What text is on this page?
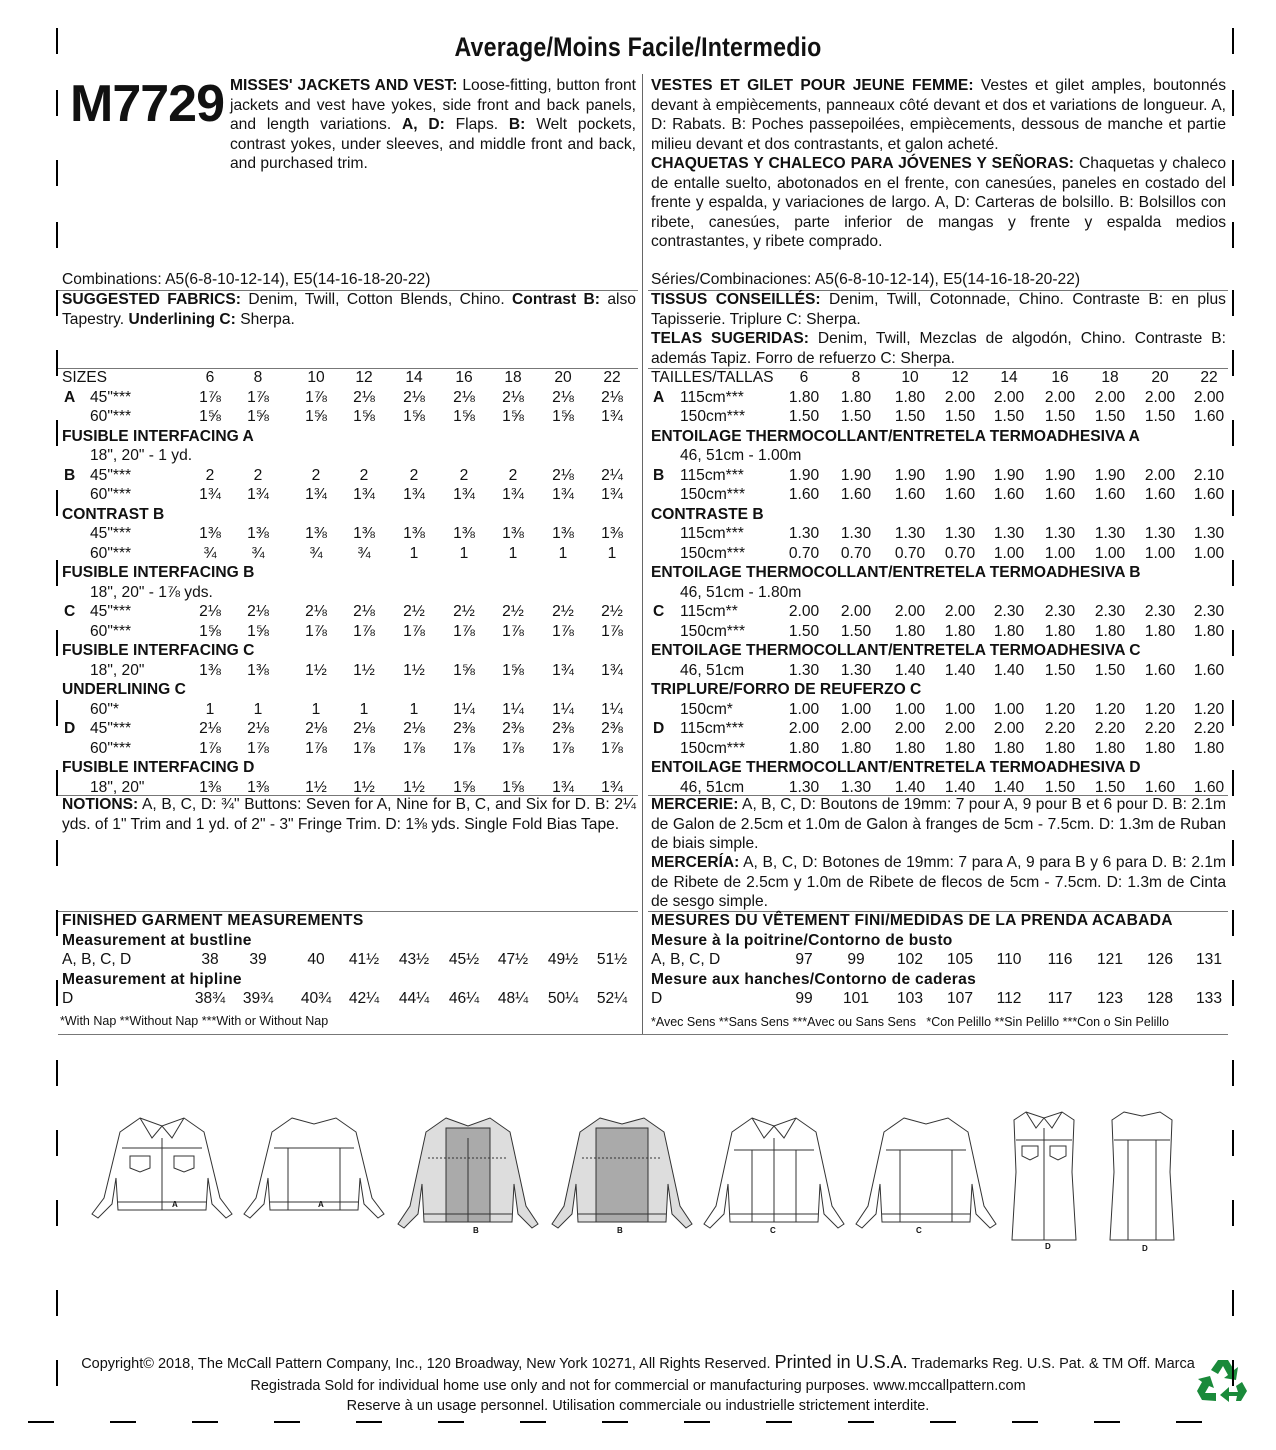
Average/Moins Facile/Intermedio
M7729 MISSES' JACKETS AND VEST: Loose-fitting, button front jackets and vest have yokes, side front and back panels, and length variations. A, D: Flaps. B: Welt pockets, contrast yokes, under sleeves, and middle front and back, and purchased trim.
VESTES ET GILET POUR JEUNE FEMME: Vestes et gilet amples, boutonnés devant à empiècements, panneaux côté devant et dos et variations de longueur. A, D: Rabats. B: Poches passepoilées, empiècements, dessous de manche et partie milieu devant et dos contrastants, et galon acheté.
CHAQUETAS Y CHALECO PARA JÓVENES Y SEÑORAS: Chaquetas y chaleco de entalle suelto, abotonados en el frente, con canesúes, paneles en costado del frente y espalda, y variaciones de largo. A, D: Carteras de bolsillo. B: Bolsillos con ribete, canesúes, parte inferior de mangas y frente y espalda medios contrastantes, y ribete comprado.
Combinations: A5(6-8-10-12-14), E5(14-16-18-20-22)
SUGGESTED FABRICS: Denim, Twill, Cotton Blends, Chino. Contrast B: also Tapestry. Underlining C: Sherpa.
Séries/Combinaciones: A5(6-8-10-12-14), E5(14-16-18-20-22)
TISSUS CONSEILLÉS: Denim, Twill, Cotonnade, Chino. Contraste B: en plus Tapisserie. Triplure C: Sherpa.
TELAS SUGERIDAS: Denim, Twill, Mezclas de algodón, Chino. Contraste B: además Tapiz. Forro de refuerzo C: Sherpa.
SIZES	6	8	10 12 14 16 18 20 22
A 45"***	1⅞ 1⅞ 1⅞ 2⅛ 2⅛ 2⅛ 2⅛ 2⅛ 2⅛
60"***	1⅝ 1⅝ 1⅝ 1⅝ 1⅝ 1⅝ 1⅝ 1⅝ 1¾
FUSIBLE INTERFACING A
18", 20" - 1 yd.
B 45"***	2	2	2	2	2	2	2 2⅛ 2¼
60"***	1¾ 1¾ 1¾ 1¾ 1¾ 1¾ 1¾ 1¾ 1¾
CONTRAST B
45"***	1⅜ 1⅜ 1⅜ 1⅜ 1⅜ 1⅜ 1⅜ 1⅜ 1⅜
60"***	¾ ¾	¾ ¾	1	1	1	1	1
FUSIBLE INTERFACING B
18", 20" - 1⅞ yds.
C 45"***	2⅛ 2⅛ 2⅛ 2⅛ 2½ 2½ 2½ 2½ 2½
60"***	1⅝ 1⅝ 1⅞ 1⅞ 1⅞ 1⅞ 1⅞ 1⅞ 1⅞
FUSIBLE INTERFACING C
18", 20"	1⅜ 1⅜ 1½ 1½ 1½ 1⅝ 1⅝ 1¾ 1¾
UNDERLINING C
60"*	1	1	1	1	1 1¼ 1¼ 1¼ 1¼
D 45"***	2⅛ 2⅛ 2⅛ 2⅛ 2⅛ 2⅜ 2⅜ 2⅜ 2⅜
60"***	1⅞ 1⅞ 1⅞ 1⅞ 1⅞ 1⅞ 1⅞ 1⅞ 1⅞
FUSIBLE INTERFACING D
18", 20"	1⅜ 1⅜ 1½ 1½ 1½ 1⅝ 1⅝ 1¾ 1¾
TAILLES/TALLAS 6	8	10 12 14 16 18 20 22
A 115cm***	1.80 1.80 1.80 2.00 2.00 2.00 2.00 2.00 2.00
150cm***	1.50 1.50 1.50 1.50 1.50 1.50 1.50 1.50 1.60
ENTOILAGE THERMOCOLLANT/ENTRETELA TERMOADHESIVA A
46, 51cm - 1.00m
B 115cm***	1.90 1.90 1.90 1.90 1.90 1.90 1.90 2.00 2.10
150cm***	1.60 1.60 1.60 1.60 1.60 1.60 1.60 1.60 1.60
CONTRASTE B
115cm***	1.30 1.30 1.30 1.30 1.30 1.30 1.30 1.30 1.30
150cm***	0.70 0.70 0.70 0.70 1.00 1.00 1.00 1.00 1.00
ENTOILAGE THERMOCOLLANT/ENTRETELA TERMOADHESIVA B
46, 51cm - 1.80m
C 115cm**	2.00 2.00 2.00 2.00 2.30 2.30 2.30 2.30 2.30
150cm***	1.50 1.50 1.80 1.80 1.80 1.80 1.80 1.80 1.80
ENTOILAGE THERMOCOLLANT/ENTRETELA TERMOADHESIVA C
46, 51cm	1.30 1.30 1.40 1.40 1.40 1.50 1.50 1.60 1.60
TRIPLURE/FORRO DE REUFERZO C
150cm*	1.00 1.00 1.00 1.00 1.00 1.20 1.20 1.20 1.20
D 115cm***	2.00 2.00 2.00 2.00 2.00 2.20 2.20 2.20 2.20
150cm***	1.80 1.80 1.80 1.80 1.80 1.80 1.80 1.80 1.80
ENTOILAGE THERMOCOLLANT/ENTRETELA TERMOADHESIVA D
46, 51cm	1.30 1.30 1.40 1.40 1.40 1.50 1.50 1.60 1.60
NOTIONS: A, B, C, D: ¾" Buttons: Seven for A, Nine for B, C, and Six for D. B: 2¼ yds. of 1" Trim and 1 yd. of 2" - 3" Fringe Trim. D: 1⅜ yds. Single Fold Bias Tape.
MERCERIE: A, B, C, D: Boutons de 19mm: 7 pour A, 9 pour B et 6 pour D. B: 2.1m de Galon de 2.5cm et 1.0m de Galon à franges de 5cm - 7.5cm. D: 1.3m de Ruban de biais simple.
MERCERÍA: A, B, C, D: Botones de 19mm: 7 para A, 9 para B y 6 para D. B: 2.1m de Ribete de 2.5cm y 1.0m de Ribete de flecos de 5cm - 7.5cm. D: 1.3m de Cinta de sesgo simple.
FINISHED GARMENT MEASUREMENTS
Measurement at bustline
A, B, C, D	38 39	40 41½ 43½ 45½ 47½ 49½ 51½
Measurement at hipline
D	38¾ 39¾ 40¾ 42¼ 44¼ 46¼ 48¼ 50¼ 52¼
MESURES DU VÊTEMENT FINI/MEDIDAS DE LA PRENDA ACABADA
Mesure à la poitrine/Contorno de busto
A, B, C, D	97 99 102 105 110 116 121 126 131
Mesure aux hanches/Contorno de caderas
D	99 101 103 107 112 117 123 128 133
*With Nap **Without Nap ***With or Without Nap	*Avec Sens **Sans Sens ***Avec ou Sans Sens   *Con Pelillo **Sin Pelillo ***Con o Sin Pelillo
A	A
B	B	C	C
D	D
Copyright© 2018, The McCall Pattern Company, Inc., 120 Broadway, New York 10271, All Rights Reserved. Printed in U.S.A. Trademarks Reg. U.S. Pat. & TM Off. Marca
Registrada Sold for individual home use only and not for commercial or manufacturing purposes. www.mccallpattern.com
Reserve à un usage personnel. Utilisation commerciale ou industrielle strictement interdite.
